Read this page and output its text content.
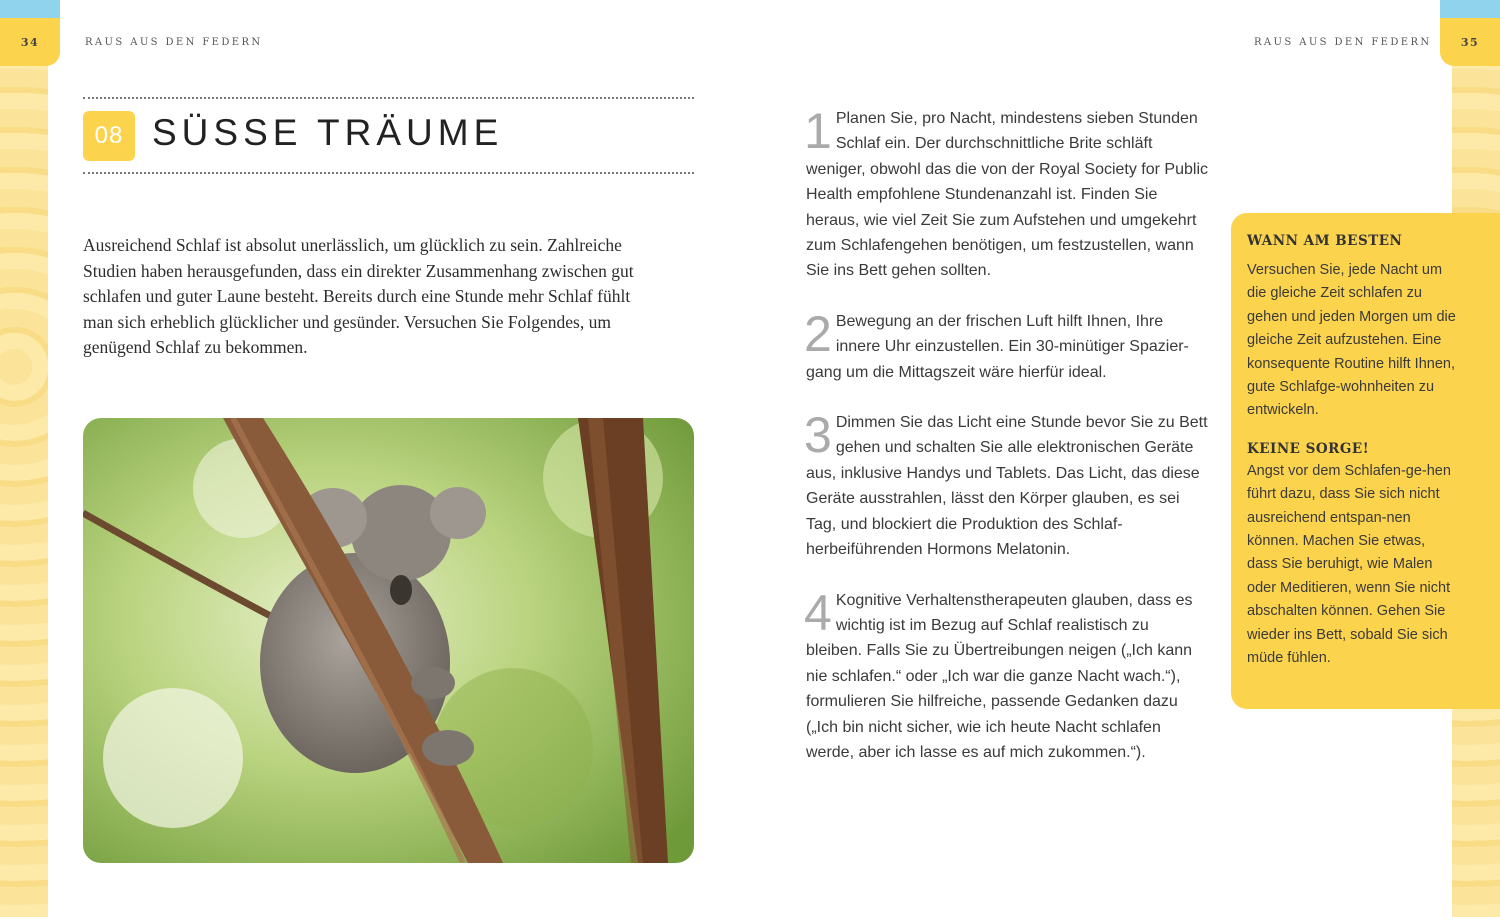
34	35
RAUS AUS DEN FEDERN	RAUS AUS DEN FEDERN
08 SÜSSE TRÄUME

Ausreichend Schlaf ist absolut unerlässlich, um glücklich zu sein. Zahlreiche Studien haben herausgefunden, dass ein direkter Zusammenhang zwischen gut schlafen und guter Laune besteht. Bereits durch eine Stunde mehr Schlaf fühlt man sich erheblich glücklicher und gesünder. Versuchen Sie Folgendes, um genügend Schlaf zu bekommen.

1 Planen Sie, pro Nacht, mindestens sieben Stunden Schlaf ein. Der durchschnittliche Brite schläft weniger, obwohl das die von der Royal Society for Public Health empfohlene Stundenanzahl ist. Finden Sie heraus, wie viel Zeit Sie zum Aufstehen und umgekehrt zum Schlafengehen benötigen, um festzustellen, wann Sie ins Bett gehen sollten.

2 Bewegung an der frischen Luft hilft Ihnen, Ihre innere Uhr einzustellen. Ein 30-minütiger Spazier-gang um die Mittagszeit wäre hierfür ideal.

3 Dimmen Sie das Licht eine Stunde bevor Sie zu Bett gehen und schalten Sie alle elektronischen Geräte aus, inklusive Handys und Tablets. Das Licht, das diese Geräte ausstrahlen, lässt den Körper glauben, es sei Tag, und blockiert die Produktion des Schlaf-herbeiführenden Hormons Melatonin.

4 Kognitive Verhaltenstherapeuten glauben, dass es wichtig ist im Bezug auf Schlaf realistisch zu bleiben. Falls Sie zu Übertreibungen neigen („Ich kann nie schlafen.“ oder „Ich war die ganze Nacht wach.“), formulieren Sie hilfreiche, passende Gedanken dazu („Ich bin nicht sicher, wie ich heute Nacht schlafen werde, aber ich lasse es auf mich zukommen.“).

WANN AM BESTEN

Versuchen Sie, jede Nacht um die gleiche Zeit schlafen zu gehen und jeden Morgen um die gleiche Zeit aufzustehen. Eine konsequente Routine hilft Ihnen, gute Schlafge-wohnheiten zu entwickeln.

KEINE SORGE!

Angst vor dem Schlafen-ge-hen führt dazu, dass Sie sich nicht ausreichend entspan-nen können. Machen Sie etwas, dass Sie beruhigt, wie Malen oder Meditieren, wenn Sie nicht abschalten können. Gehen Sie wieder ins Bett, sobald Sie sich müde fühlen.
